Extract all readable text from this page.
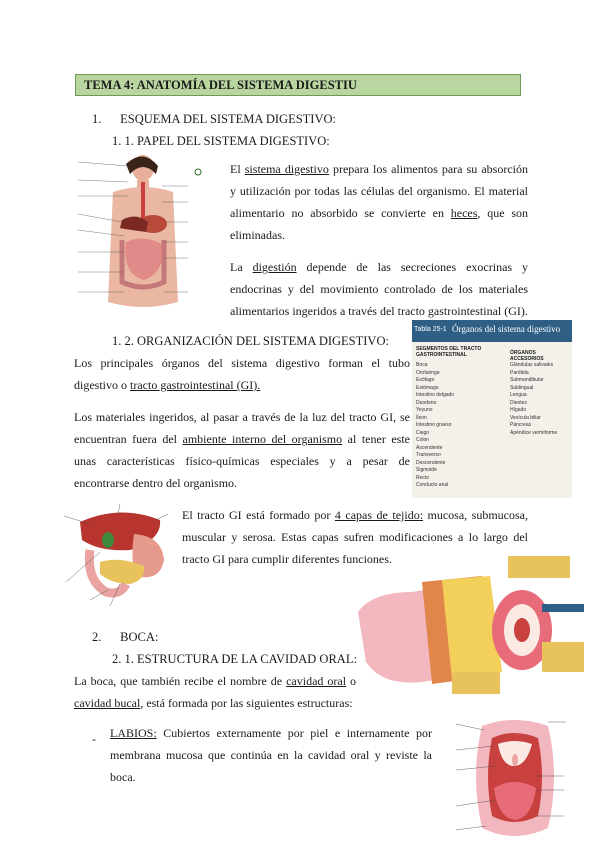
TEMA 4: ANATOMÍA DEL SISTEMA DIGESTIU
1. ESQUEMA DEL SISTEMA DIGESTIVO:
1. 1. PAPEL DEL SISTEMA DIGESTIVO:
El sistema digestivo prepara los alimentos para su absorción y utilización por todas las células del organismo. El material alimentario no absorbido se convierte en heces, que son eliminadas.
La digestión depende de las secreciones exocrinas y endocrinas y del movimiento controlado de los materiales alimentarios ingeridos a través del tracto gastrointestinal (GI).
1. 2. ORGANIZACIÓN DEL SISTEMA DIGESTIVO:
Los principales órganos del sistema digestivo forman el tubo digestivo o tracto gastrointestinal (GI).
Los materiales ingeridos, al pasar a través de la luz del tracto GI, se encuentran fuera del ambiente interno del organismo al tener este unas características físico-químicas especiales y a pesar de encontrarse dentro del organismo.
Tabla 25-1 Órganos del sistema digestivo
SEGMENTOS DEL TRACTO GASTROINTESTINAL	ÓRGANOS ACCESORIOS
Boca
Orofaringe
Esófago
Estómago
Intestino delgado
Duodeno
Yeyuno
Íleon
Intestino grueso
Ciego
Colon
Ascendente
Transverso
Descendente
Sigmoide
Recto
Conducto anal
Glándulas salivales
Parótida
Submandibular
Sublingual
Lengua
Dientes
Hígado
Vesícula biliar
Páncreas
Apéndice vermiforme
El tracto GI está formado por 4 capas de tejido: mucosa, submucosa, muscular y serosa. Estas capas sufren modificaciones a lo largo del tracto GI para cumplir diferentes funciones.
2. BOCA:
2. 1. ESTRUCTURA DE LA CAVIDAD ORAL:
La boca, que también recibe el nombre de cavidad oral o cavidad bucal, está formada por las siguientes estructuras:
- LABIOS: Cubiertos externamente por piel e internamente por membrana mucosa que continúa en la cavidad oral y reviste la boca.
